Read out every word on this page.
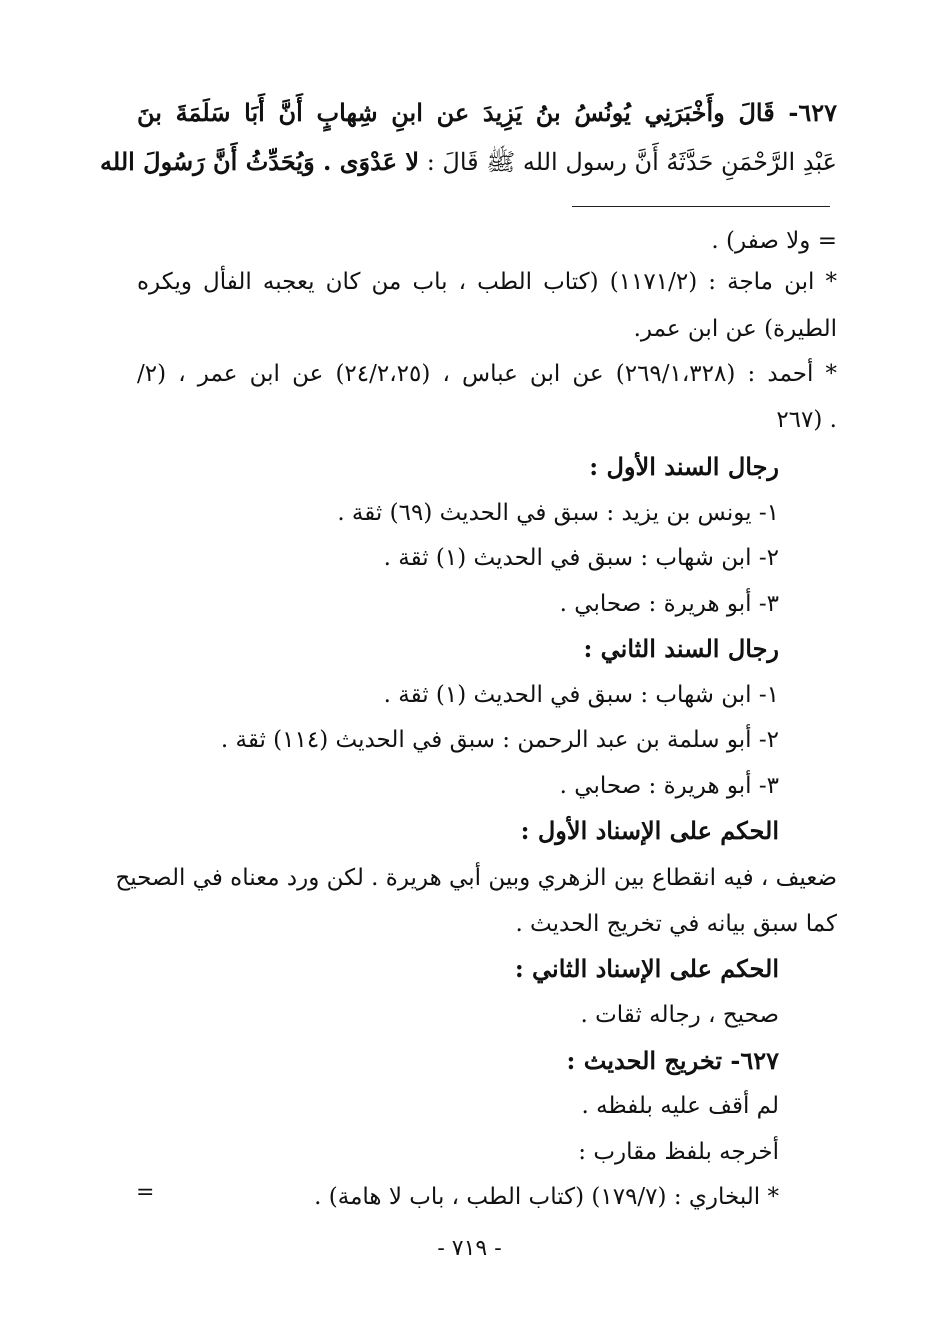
٦٢٧- قَالَ وأَخْبَرَنِي يُونُسُ بنُ يَزِيدَ عن ابنِ شِهابٍ أَنَّ أَبَا سَلَمَةَ بنَ
عَبْدِ الرَّحْمَنِ حَدَّثَهُ أَنَّ رسول الله ﷺ قَالَ : لا عَدْوَى . وَيُحَدِّثُ أَنَّ رَسُولَ الله
= ولا صفر) .
* ابن ماجة : (١١٧١/٢) (كتاب الطب ، باب من كان يعجبه الفأل ويكره
الطيرة) عن ابن عمر.
* أحمد : (٢٦٩/١،٣٢٨) عن ابن عباس ، (٢٤/٢،٢٥) عن ابن عمر ، (٢/
٢٦٧) .
رجال السند الأول :
١- يونس بن يزيد : سبق في الحديث (٦٩) ثقة .
٢- ابن شهاب : سبق في الحديث (١) ثقة .
٣- أبو هريرة : صحابي .
رجال السند الثاني :
١- ابن شهاب : سبق في الحديث (١) ثقة .
٢- أبو سلمة بن عبد الرحمن : سبق في الحديث (١١٤) ثقة .
٣- أبو هريرة : صحابي .
الحكم على الإسناد الأول :
ضعيف ، فيه انقطاع بين الزهري وبين أبي هريرة . لكن ورد معناه في الصحيح
كما سبق بيانه في تخريج الحديث .
الحكم على الإسناد الثاني :
صحيح ، رجاله ثقات .
٦٢٧- تخريج الحديث :
لم أقف عليه بلفظه .
أخرجه بلفظ مقارب :
* البخاري : (١٧٩/٧) (كتاب الطب ، باب لا هامة) .
=
- ٧١٩ -
